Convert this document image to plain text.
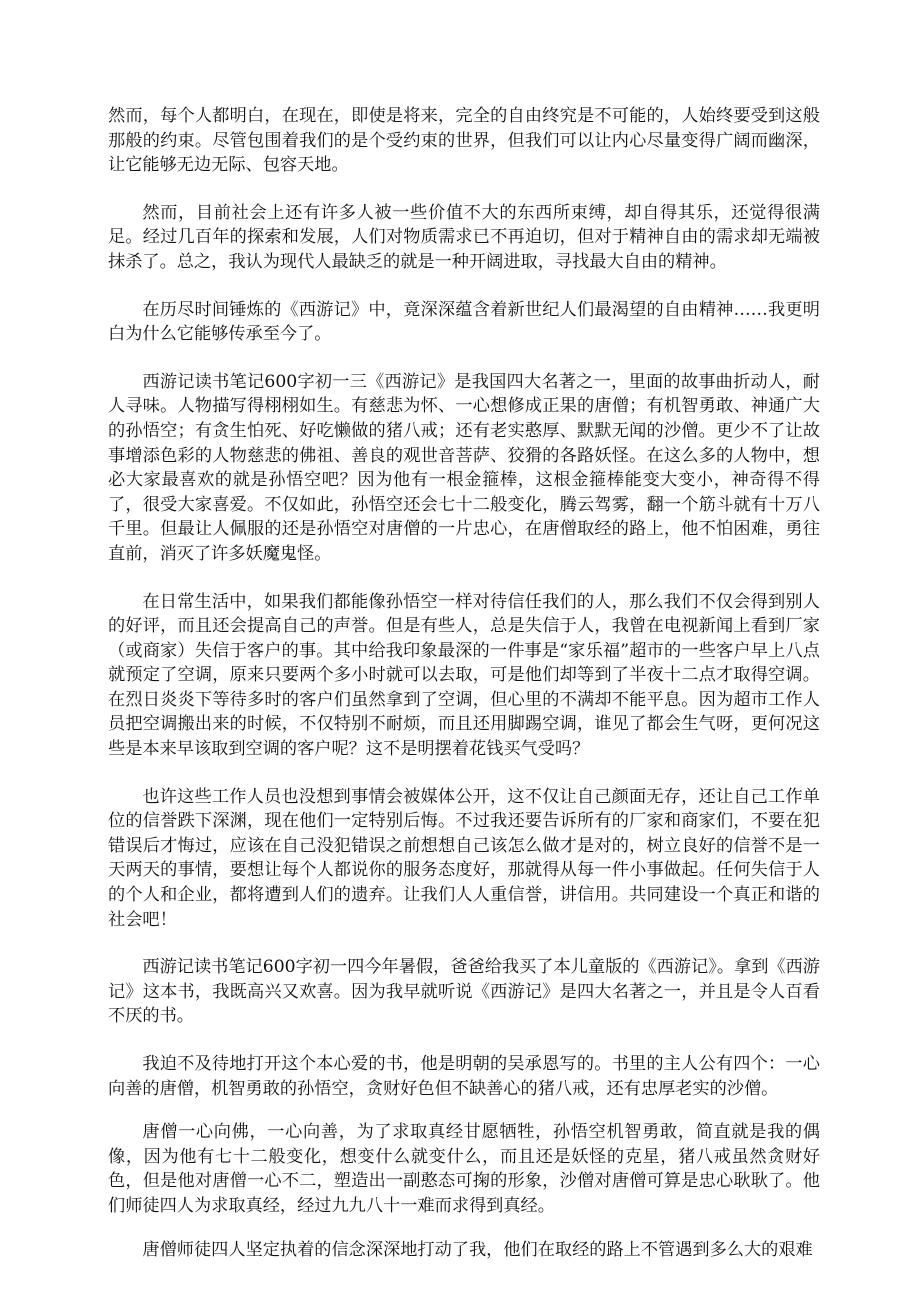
然而，每个人都明白，在现在，即使是将来，完全的自由终究是不可能的，人始终要受到这般那般的约束。尽管包围着我们的是个受约束的世界，但我们可以让内心尽量变得广阔而幽深，让它能够无边无际、包容天地。

然而，目前社会上还有许多人被一些价值不大的东西所束缚，却自得其乐，还觉得很满足。经过几百年的探索和发展，人们对物质需求已不再迫切，但对于精神自由的需求却无端被抹杀了。总之，我认为现代人最缺乏的就是一种开阔进取，寻找最大自由的精神。

在历尽时间锤炼的《西游记》中，竟深深蕴含着新世纪人们最渴望的自由精神……我更明白为什么它能够传承至今了。

西游记读书笔记600字初一三《西游记》是我国四大名著之一，里面的故事曲折动人，耐人寻味。人物描写得栩栩如生。有慈悲为怀、一心想修成正果的唐僧；有机智勇敢、神通广大的孙悟空；有贪生怕死、好吃懒做的猪八戒；还有老实憨厚、默默无闻的沙僧。更少不了让故事增添色彩的人物慈悲的佛祖、善良的观世音菩萨、狡猾的各路妖怪。在这么多的人物中，想必大家最喜欢的就是孙悟空吧？因为他有一根金箍棒，这根金箍棒能变大变小，神奇得不得了，很受大家喜爱。不仅如此，孙悟空还会七十二般变化，腾云驾雾，翻一个筋斗就有十万八千里。但最让人佩服的还是孙悟空对唐僧的一片忠心，在唐僧取经的路上，他不怕困难，勇往直前，消灭了许多妖魔鬼怪。

在日常生活中，如果我们都能像孙悟空一样对待信任我们的人，那么我们不仅会得到别人的好评，而且还会提高自己的声誉。但是有些人，总是失信于人，我曾在电视新闻上看到厂家（或商家）失信于客户的事。其中给我印象最深的一件事是“家乐福”超市的一些客户早上八点就预定了空调，原来只要两个多小时就可以去取，可是他们却等到了半夜十二点才取得空调。在烈日炎炎下等待多时的客户们虽然拿到了空调，但心里的不满却不能平息。因为超市工作人员把空调搬出来的时候，不仅特别不耐烦，而且还用脚踢空调，谁见了都会生气呀，更何况这些是本来早该取到空调的客户呢？这不是明摆着花钱买气受吗？

也许这些工作人员也没想到事情会被媒体公开，这不仅让自己颜面无存，还让自己工作单位的信誉跌下深渊，现在他们一定特别后悔。不过我还要告诉所有的厂家和商家们，不要在犯错误后才悔过，应该在自己没犯错误之前想想自己该怎么做才是对的，树立良好的信誉不是一天两天的事情，要想让每个人都说你的服务态度好，那就得从每一件小事做起。任何失信于人的个人和企业，都将遭到人们的遗弃。让我们人人重信誉，讲信用。共同建设一个真正和谐的社会吧！

西游记读书笔记600字初一四今年暑假，爸爸给我买了本儿童版的《西游记》。拿到《西游记》这本书，我既高兴又欢喜。因为我早就听说《西游记》是四大名著之一，并且是令人百看不厌的书。

我迫不及待地打开这个本心爱的书，他是明朝的吴承恩写的。书里的主人公有四个：一心向善的唐僧，机智勇敢的孙悟空，贪财好色但不缺善心的猪八戒，还有忠厚老实的沙僧。

唐僧一心向佛，一心向善，为了求取真经甘愿牺牲，孙悟空机智勇敢，简直就是我的偶像，因为他有七十二般变化，想变什么就变什么，而且还是妖怪的克星，猪八戒虽然贪财好色，但是他对唐僧一心不二，塑造出一副憨态可掬的形象，沙僧对唐僧可算是忠心耿耿了。他们师徒四人为求取真经，经过九九八十一难而求得到真经。

唐僧师徒四人坚定执着的信念深深地打动了我，他们在取经的路上不管遇到多么大的艰难
